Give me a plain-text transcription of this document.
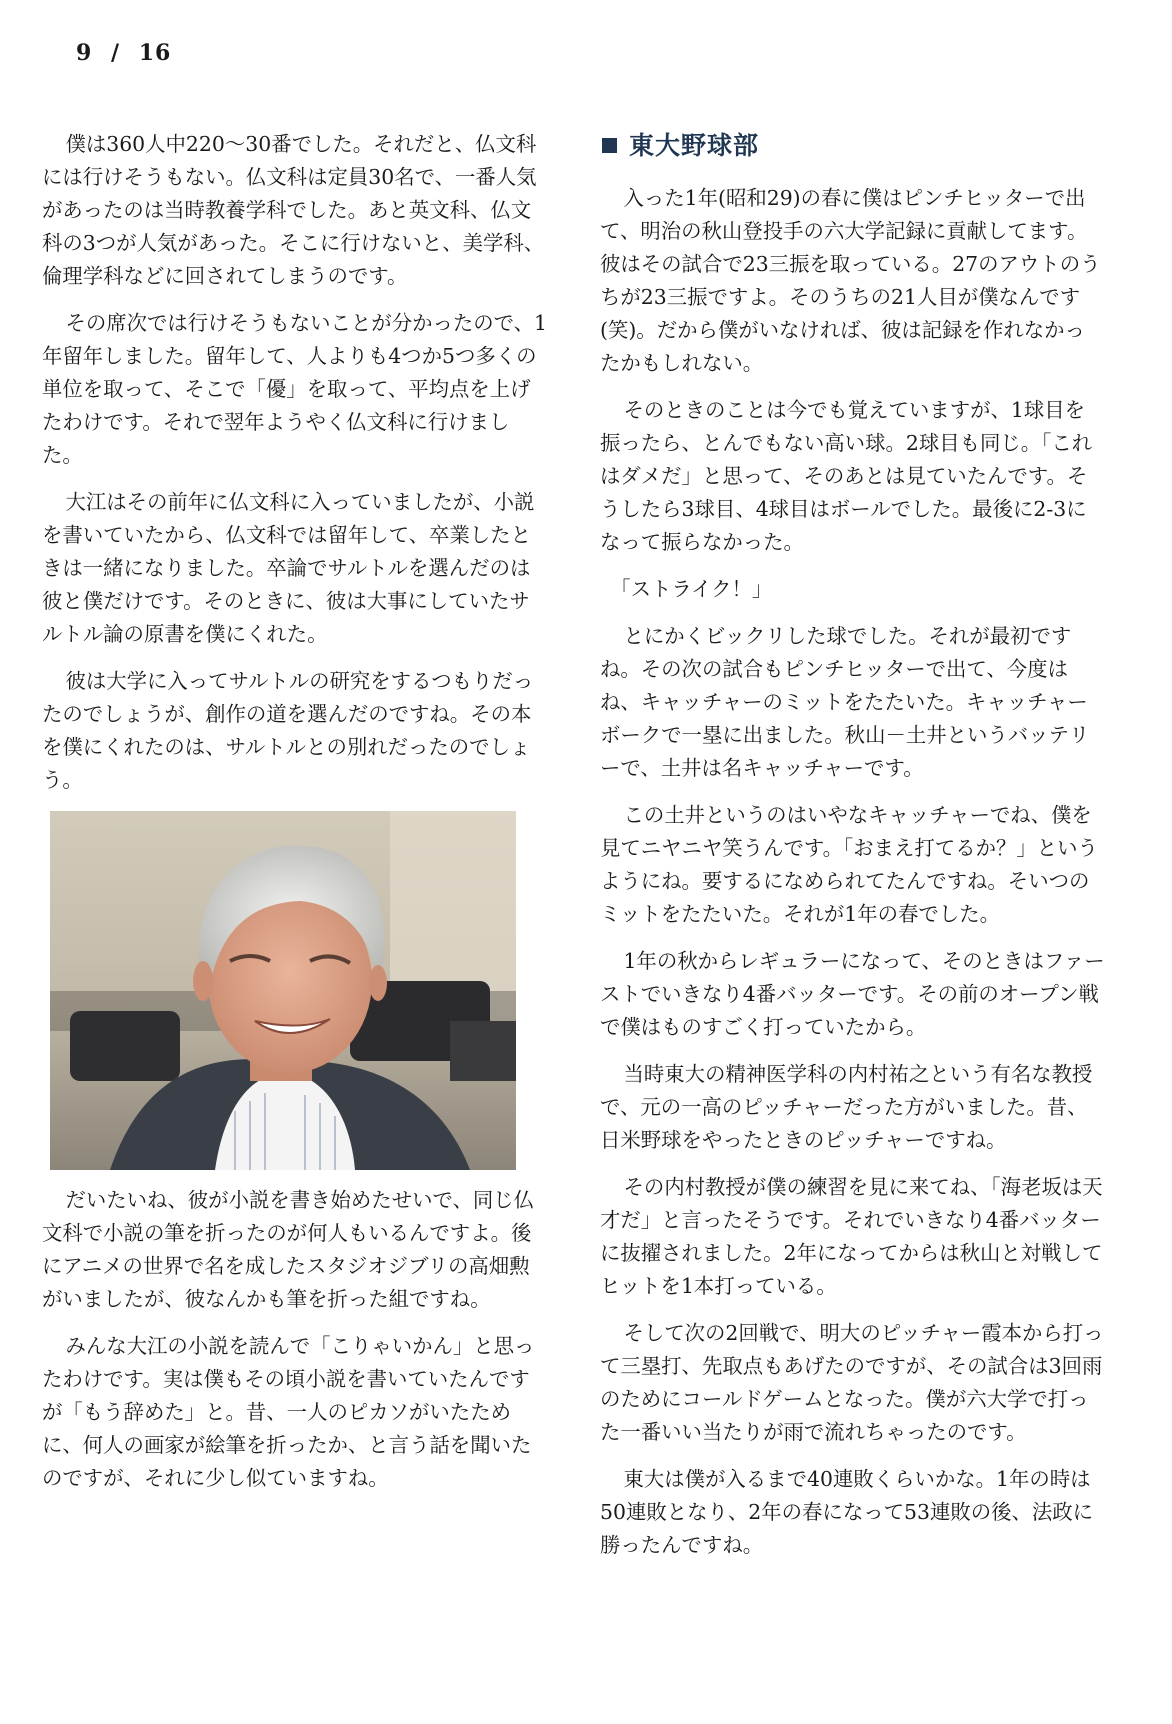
9 / 16

僕は360人中220〜30番でした。それだと、仏文科には行けそうもない。仏文科は定員30名で、一番人気があったのは当時教養学科でした。あと英文科、仏文科の3つが人気があった。そこに行けないと、美学科、倫理学科などに回されてしまうのです。

その席次では行けそうもないことが分かったので、1年留年しました。留年して、人よりも4つか5つ多くの単位を取って、そこで「優」を取って、平均点を上げたわけです。それで翌年ようやく仏文科に行けました。

大江はその前年に仏文科に入っていましたが、小説を書いていたから、仏文科では留年して、卒業したときは一緒になりました。卒論でサルトルを選んだのは彼と僕だけです。そのときに、彼は大事にしていたサルトル論の原書を僕にくれた。

彼は大学に入ってサルトルの研究をするつもりだったのでしょうが、創作の道を選んだのですね。その本を僕にくれたのは、サルトルとの別れだったのでしょう。

だいたいね、彼が小説を書き始めたせいで、同じ仏文科で小説の筆を折ったのが何人もいるんですよ。後にアニメの世界で名を成したスタジオジブリの高畑勲がいましたが、彼なんかも筆を折った組ですね。

みんな大江の小説を読んで「こりゃいかん」と思ったわけです。実は僕もその頃小説を書いていたんですが「もう辞めた」と。昔、一人のピカソがいたために、何人の画家が絵筆を折ったか、と言う話を聞いたのですが、それに少し似ていますね。

東大野球部

入った1年(昭和29)の春に僕はピンチヒッターで出て、明治の秋山登投手の六大学記録に貢献してます。彼はその試合で23三振を取っている。27のアウトのうちが23三振ですよ。そのうちの21人目が僕なんです(笑)。だから僕がいなければ、彼は記録を作れなかったかもしれない。

そのときのことは今でも覚えていますが、1球目を振ったら、とんでもない高い球。2球目も同じ。「これはダメだ」と思って、そのあとは見ていたんです。そうしたら3球目、4球目はボールでした。最後に2-3になって振らなかった。

「ストライク！」

とにかくビックリした球でした。それが最初ですね。その次の試合もピンチヒッターで出て、今度はね、キャッチャーのミットをたたいた。キャッチャーボークで一塁に出ました。秋山－土井というバッテリーで、土井は名キャッチャーです。

この土井というのはいやなキャッチャーでね、僕を見てニヤニヤ笑うんです。「おまえ打てるか？」というようにね。要するになめられてたんですね。そいつのミットをたたいた。それが1年の春でした。

1年の秋からレギュラーになって、そのときはファーストでいきなり4番バッターです。その前のオープン戦で僕はものすごく打っていたから。

当時東大の精神医学科の内村祐之という有名な教授で、元の一高のピッチャーだった方がいました。昔、日米野球をやったときのピッチャーですね。

その内村教授が僕の練習を見に来てね、「海老坂は天才だ」と言ったそうです。それでいきなり4番バッターに抜擢されました。2年になってからは秋山と対戦してヒットを1本打っている。

そして次の2回戦で、明大のピッチャー霞本から打って三塁打、先取点もあげたのですが、その試合は3回雨のためにコールドゲームとなった。僕が六大学で打った一番いい当たりが雨で流れちゃったのです。

東大は僕が入るまで40連敗くらいかな。1年の時は50連敗となり、2年の春になって53連敗の後、法政に勝ったんですね。
